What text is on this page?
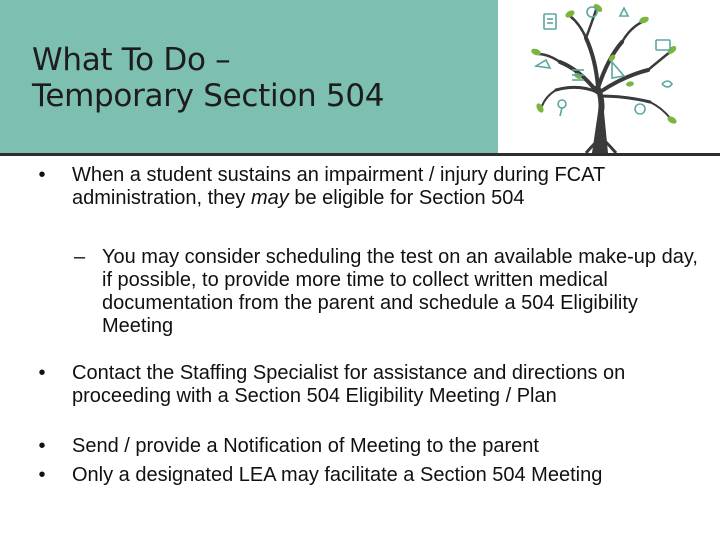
What To Do –
Temporary Section 504
•	When a student sustains an impairment / injury during FCAT administration, they may be eligible for Section 504
– You may consider scheduling the test on an available make-up day, if possible, to provide more time to collect written medical documentation from the parent and schedule a 504 Eligibility Meeting
•	Contact the Staffing Specialist for assistance and directions on proceeding with a Section 504 Eligibility Meeting / Plan
•	Send / provide a Notification of Meeting to the parent
•	Only a designated LEA may facilitate a Section 504 Meeting
